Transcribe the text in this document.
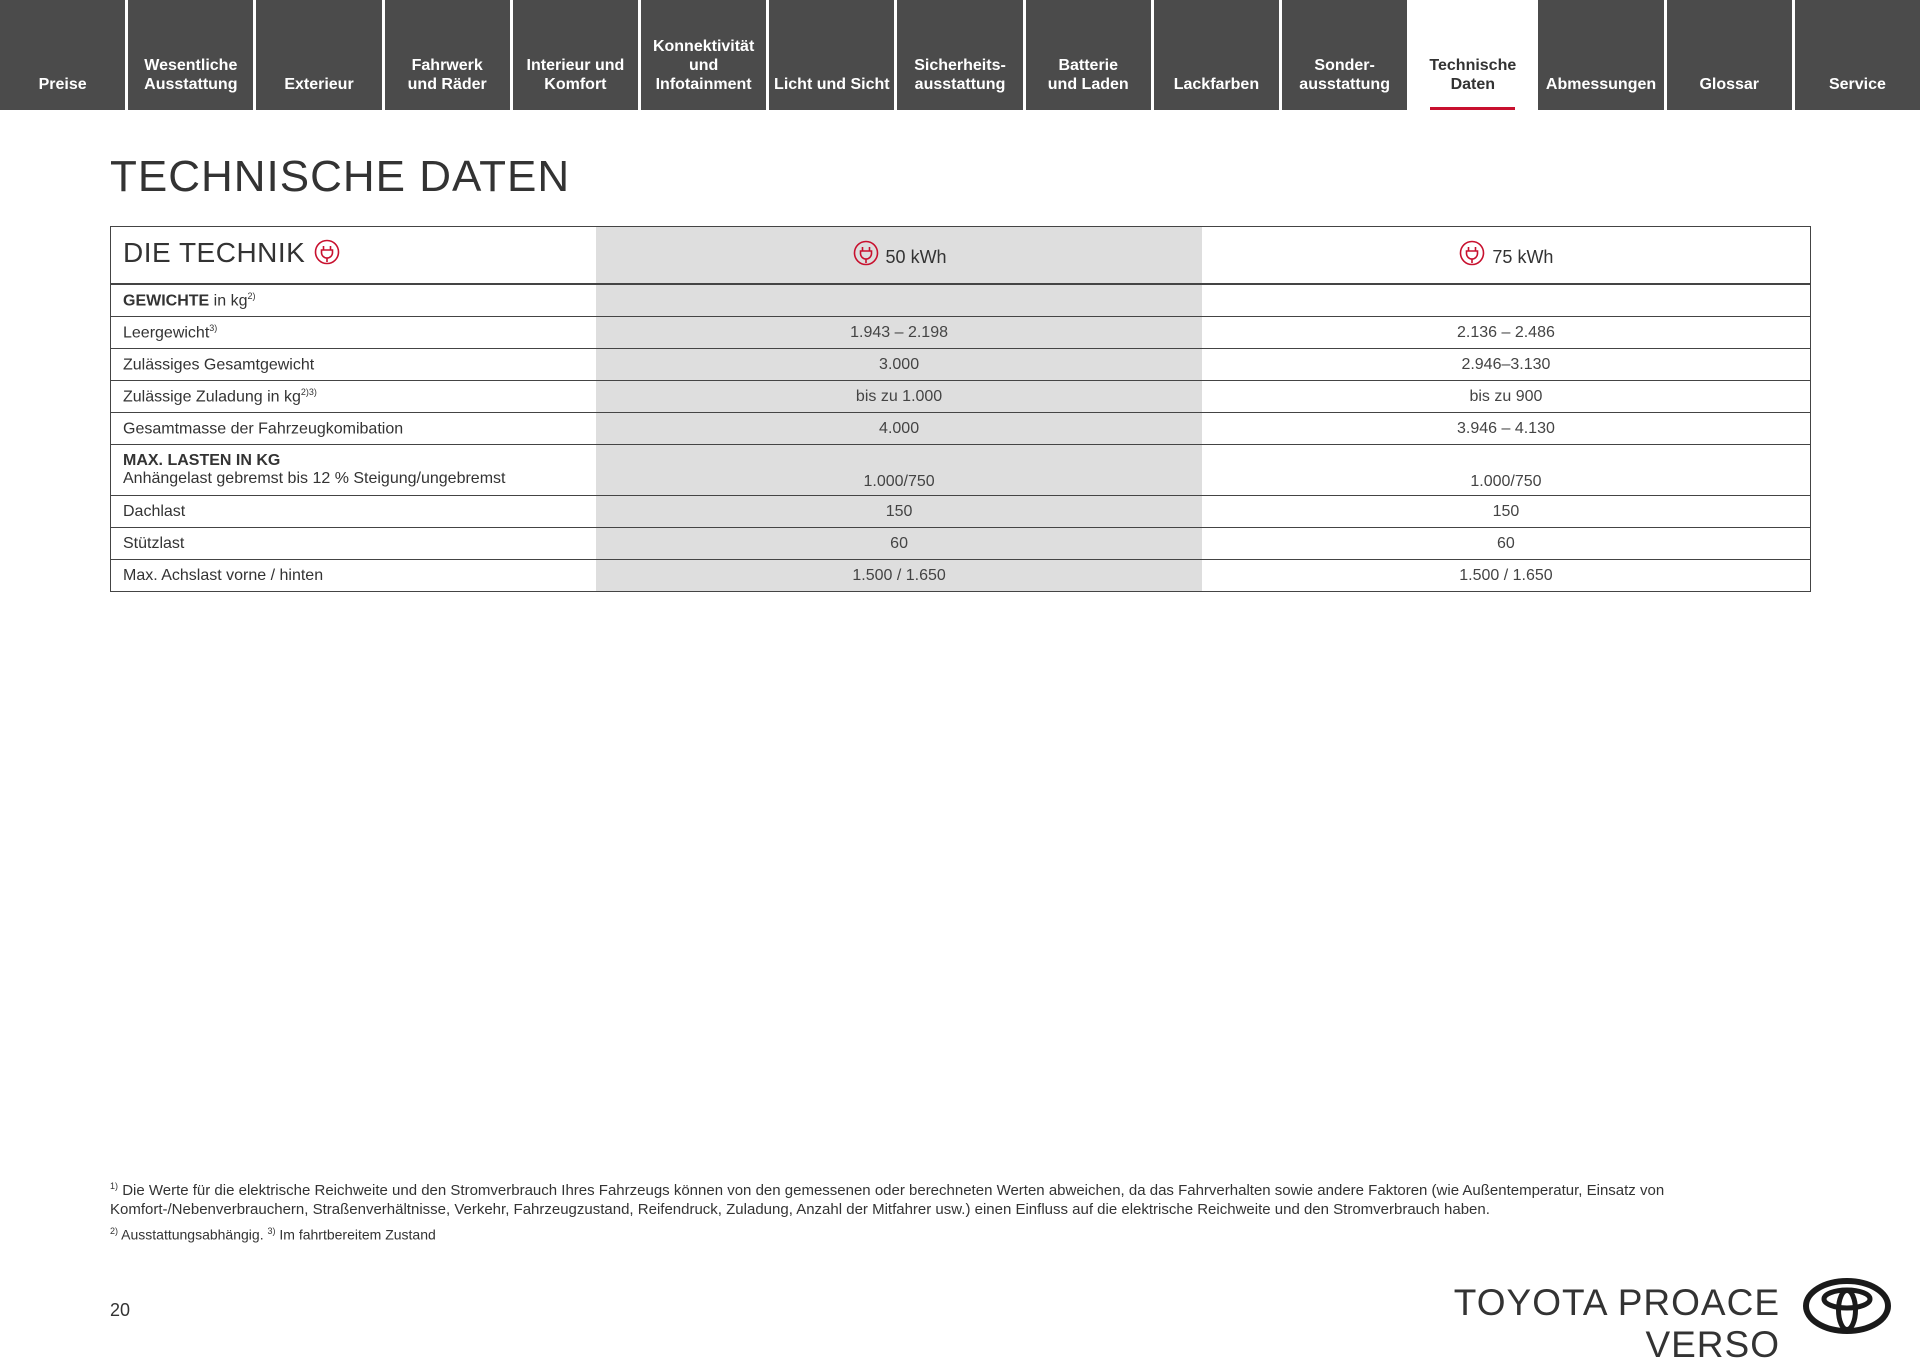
Preise
Wesentliche
Ausstattung	Exterieur
Fahrwerk
und Räder
Interieur und
Komfort
Konnektivität
und
Infotainment	Licht und Sicht
Sicherheits-
ausstattung
Batterie
und Laden	Lackfarben
Sonder-
ausstattung
Technische
Daten	Abmessungen	Glossar	Service
TECHNISCHE DATEN
DIE TECHNIK	50 kWh	75 kWh
GEWICHTE in $kg^{2)}$		
Leergewicht$^{3)}$	1.943 – 2.198	2.136 – 2.486
Zulässiges Gesamtgewicht	3.000	2.946–3.130
Zulässige Zuladung in $kg^{2)3)}$	bis zu 1.000	bis zu 900
Gesamtmasse der Fahrzeugkomibation	4.000	3.946 – 4.130

MAX. LASTEN IN KG
Anhängelast gebremst bis 12 % Steigung/ungebremst	1.000/750	1.000/750
Dachlast	150	150
Stützlast	60	60
Max. Achslast vorne / hinten	1.500 / 1.650	1.500 / 1.650

$^{1)}$ Die Werte für die elektrische Reichweite und den Stromverbrauch Ihres Fahrzeugs können von den gemessenen oder berechneten Werten abweichen, da das Fahrverhalten sowie andere Faktoren (wie Außentemperatur, Einsatz von Komfort-/Nebenverbrauchern, Straßenverhältnisse, Verkehr, Fahrzeugzustand, Reifendruck, Zuladung, Anzahl der Mitfahrer usw.) einen Einfluss auf die elektrische Reichweite und den Stromverbrauch haben.

$^{2)}$ Ausstattungsabhängig. $^{3)}$ Im fahrtbereitem Zustand

20	TOYOTA PROACE VERSO
